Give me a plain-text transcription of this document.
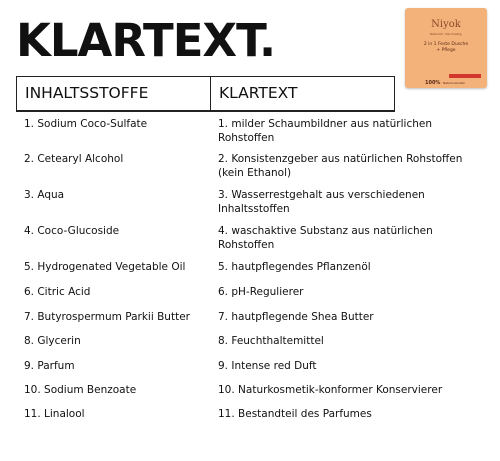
KLARTEXT.	Niyok
Natürlich. Nachhaltig.
2 in 1 Feste Dusche
+ Pflege
100% Naturkosmetik
INHALTSSTOFFE	KLARTEXT
1. Sodium Coco-Sulfate	1. milder Schaumbildner aus natürlichen Rohstoffen
2. Cetearyl Alcohol	2. Konsistenzgeber aus natürlichen Rohstoffen (kein Ethanol)
3. Aqua	3. Wasserrestgehalt aus verschiedenen Inhaltsstoffen
4. Coco-Glucoside	4. waschaktive Substanz aus natürlichen Rohstoffen
5. Hydrogenated Vegetable Oil	5. hautpflegendes Pflanzenöl
6. Citric Acid	6. pH-Regulierer
7. Butyrospermum Parkii Butter	7. hautpflegende Shea Butter
8. Glycerin	8. Feuchthaltemittel
9. Parfum	9. Intense red Duft
10. Sodium Benzoate	10. Naturkosmetik-konformer Konservierer
11. Linalool	11. Bestandteil des Parfumes
